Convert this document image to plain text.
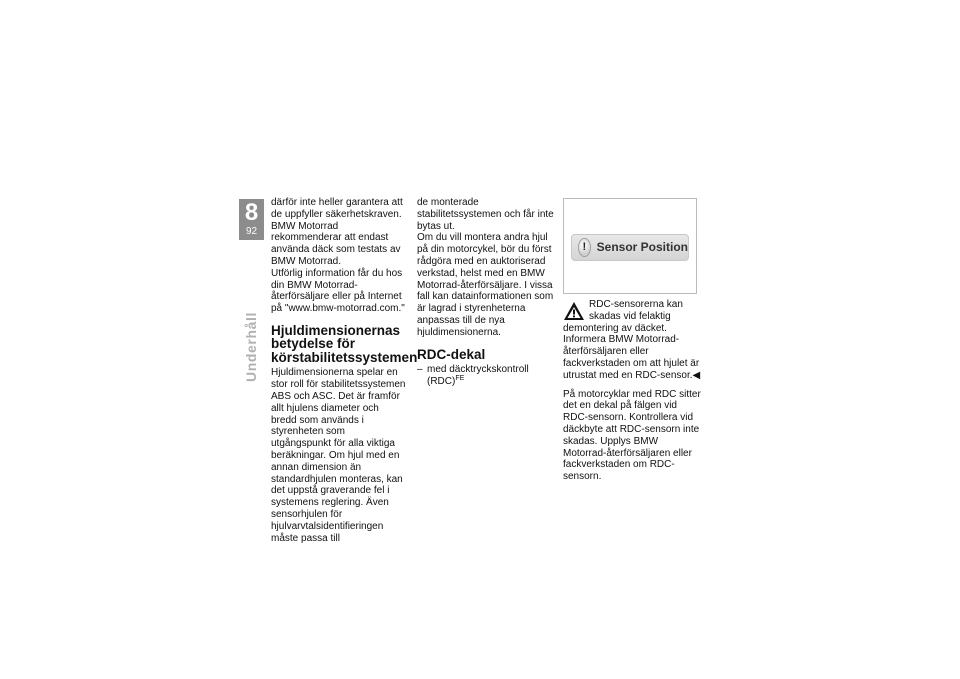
8
92
Underhåll

därför inte heller garantera att de uppfyller säkerhetskraven.

BMW Motorrad rekommenderar att endast använda däck som testats av BMW Motorrad.

Utförlig information får du hos din BMW Motorrad-återförsäljare eller på Internet på "www.bmw-motorrad.com."

Hjuldimensionernas betydelse för körstabilitetssystemen

Hjuldimensionerna spelar en stor roll för stabilitetssystemen ABS och ASC. Det är framför allt hjulens diameter och bredd som används i styrenheten som utgångspunkt för alla viktiga beräkningar. Om hjul med en annan dimension än standardhjulen monteras, kan det uppstå graverande fel i systemens reglering. Även sensorhjulen för hjulvarvtalsidentifieringen måste passa till

de monterade stabilitetssystemen och får inte bytas ut.

Om du vill montera andra hjul på din motorcykel, bör du först rådgöra med en auktoriserad verkstad, helst med en BMW Motorrad-återförsäljare. I vissa fall kan datainformationen som är lagrad i styrenheterna anpassas till de nya hjuldimensionerna.

RDC-dekal

– med däcktryckskontroll (RDC)$^{FE}$

! Sensor Position

RDC-sensorerna kan skadas vid felaktig demontering av däcket.

Informera BMW Motorrad-återförsäljaren eller fackverkstaden om att hjulet är utrustat med en RDC-sensor.◀

På motorcyklar med RDC sitter det en dekal på fälgen vid RDC-sensorn. Kontrollera vid däckbyte att RDC-sensorn inte skadas. Upplys BMW Motorrad-återförsäljaren eller fackverkstaden om RDC-sensorn.
